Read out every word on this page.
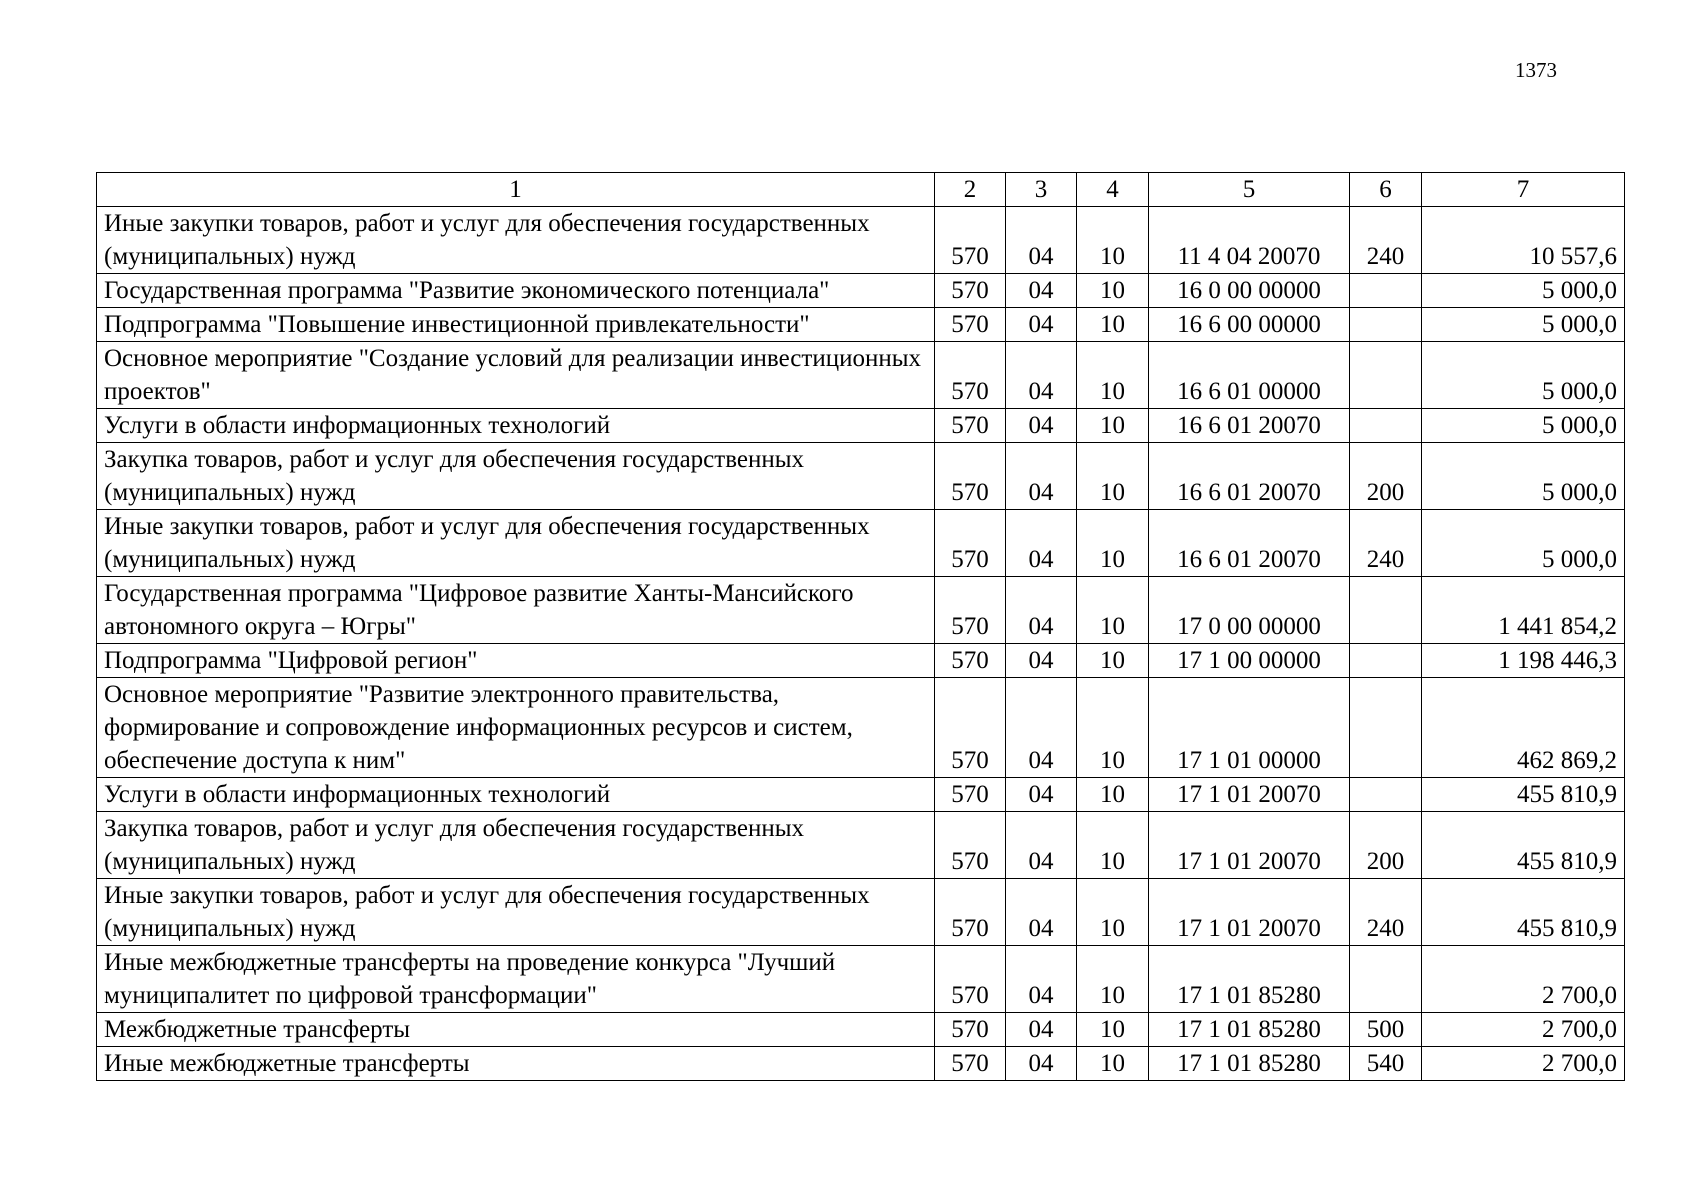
1373
1	2	3	4	5	6	7
Иные закупки товаров, работ и услуг для обеспечения государственных (муниципальных) нужд	570	04	10	11 4 04 20070	240	10 557,6
Государственная программа "Развитие экономического потенциала"	570	04	10	16 0 00 00000		5 000,0
Подпрограмма "Повышение инвестиционной привлекательности"	570	04	10	16 6 00 00000		5 000,0
Основное мероприятие "Создание условий для реализации инвестиционных проектов"	570	04	10	16 6 01 00000		5 000,0
Услуги в области информационных технологий	570	04	10	16 6 01 20070		5 000,0
Закупка товаров, работ и услуг для обеспечения государственных (муниципальных) нужд	570	04	10	16 6 01 20070	200	5 000,0
Иные закупки товаров, работ и услуг для обеспечения государственных (муниципальных) нужд	570	04	10	16 6 01 20070	240	5 000,0
Государственная программа "Цифровое развитие Ханты-Мансийского автономного округа – Югры"	570	04	10	17 0 00 00000		1 441 854,2
Подпрограмма "Цифровой регион"	570	04	10	17 1 00 00000		1 198 446,3
Основное мероприятие "Развитие электронного правительства, формирование и сопровождение информационных ресурсов и систем, обеспечение доступа к ним"	570	04	10	17 1 01 00000		462 869,2
Услуги в области информационных технологий	570	04	10	17 1 01 20070		455 810,9
Закупка товаров, работ и услуг для обеспечения государственных (муниципальных) нужд	570	04	10	17 1 01 20070	200	455 810,9
Иные закупки товаров, работ и услуг для обеспечения государственных (муниципальных) нужд	570	04	10	17 1 01 20070	240	455 810,9
Иные межбюджетные трансферты на проведение конкурса "Лучший муниципалитет по цифровой трансформации"	570	04	10	17 1 01 85280		2 700,0
Межбюджетные трансферты	570	04	10	17 1 01 85280	500	2 700,0
Иные межбюджетные трансферты	570	04	10	17 1 01 85280	540	2 700,0
